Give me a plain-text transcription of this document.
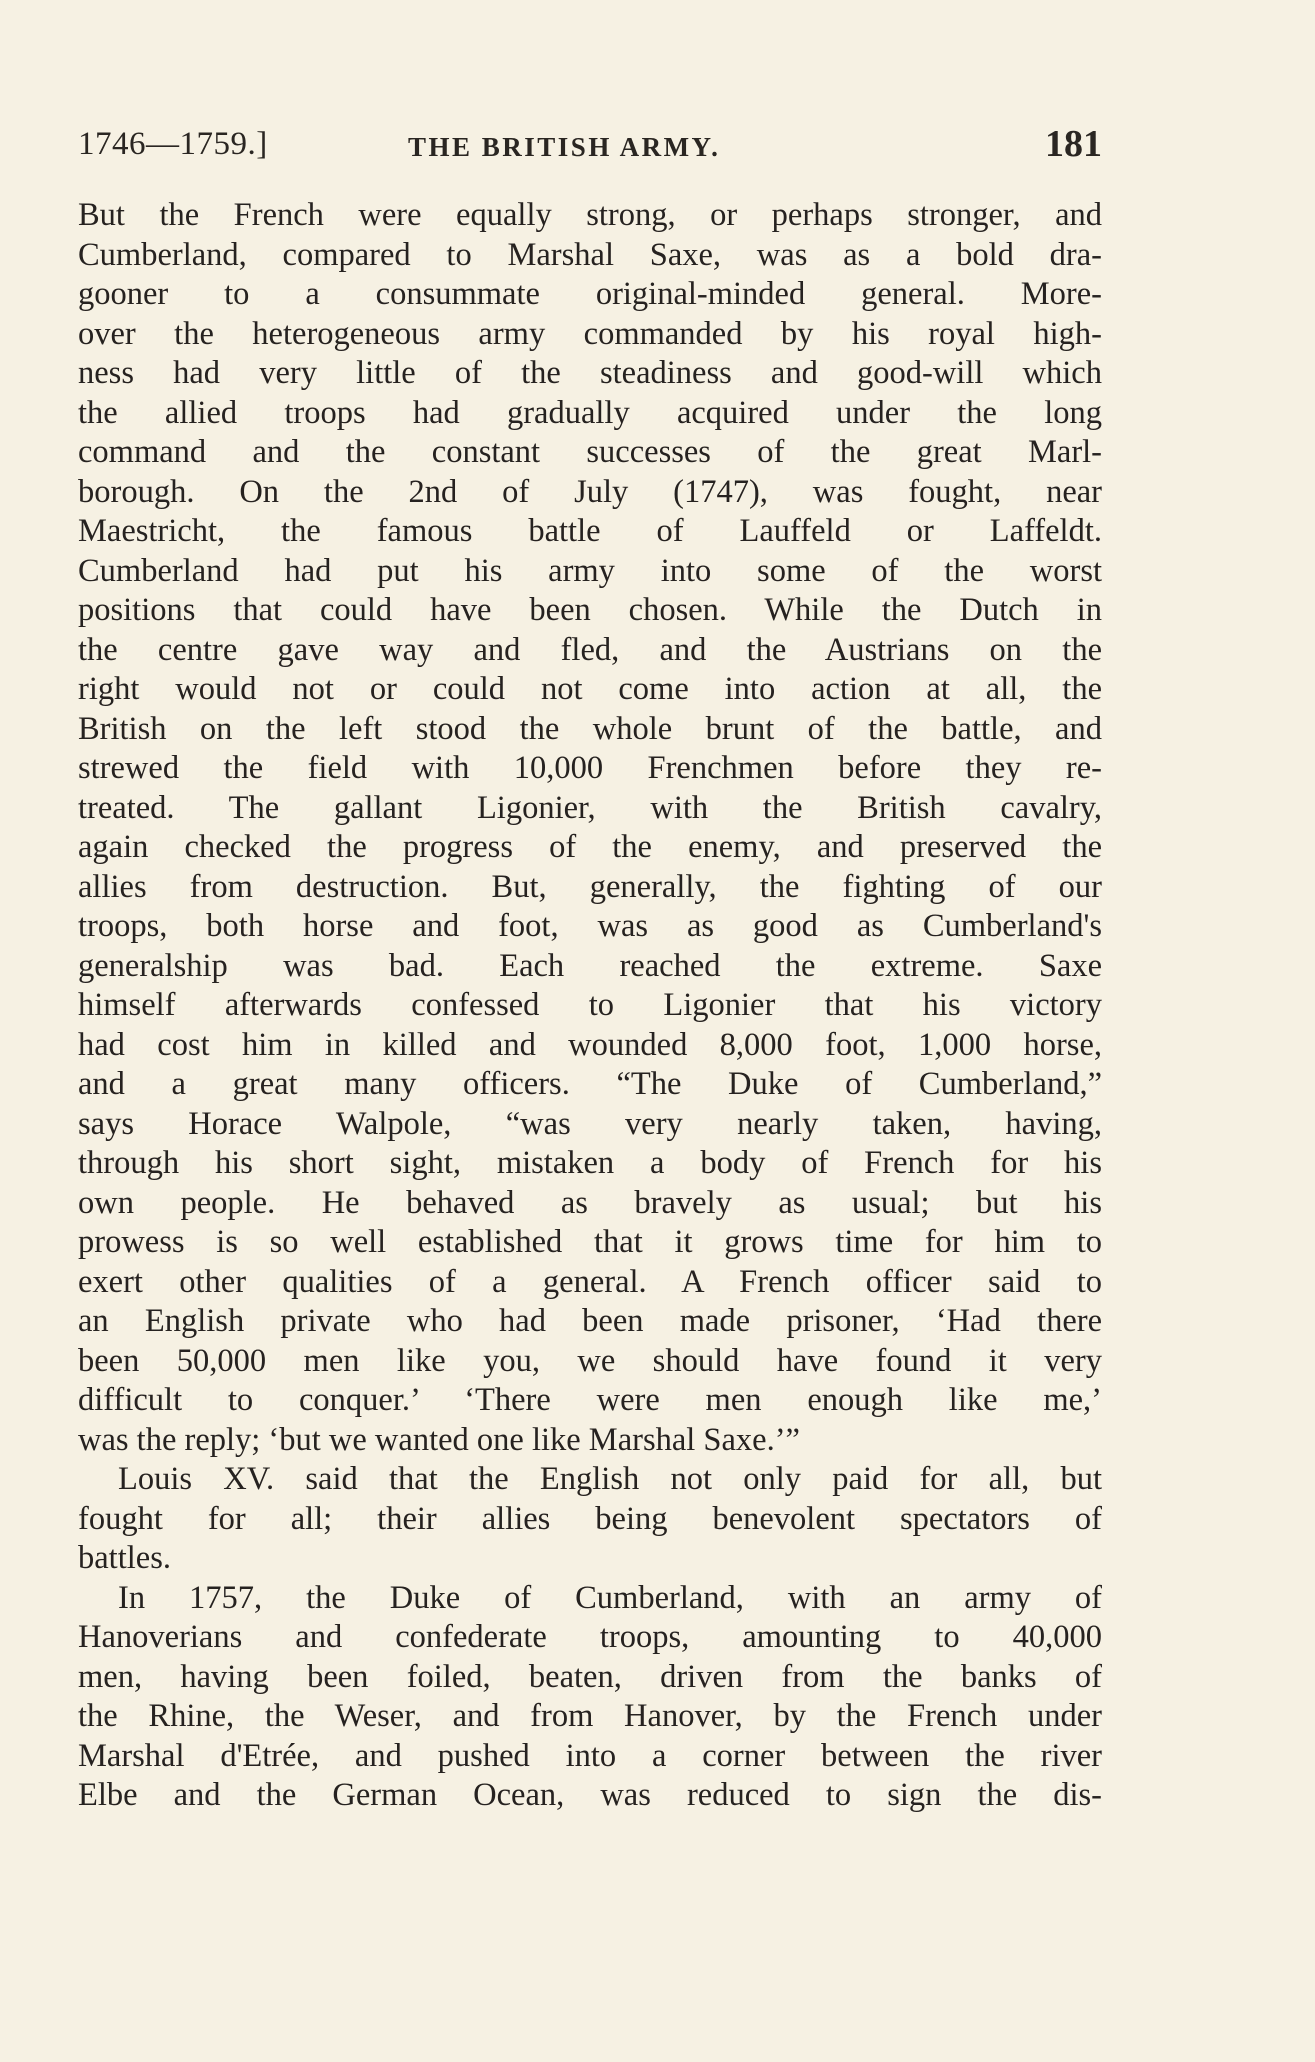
1746—1759.]	THE BRITISH ARMY.	181
But the French were equally strong, or perhaps stronger, and
Cumberland, compared to Marshal Saxe, was as a bold dra-
gooner to a consummate original-minded general. More-
over the heterogeneous army commanded by his royal high-
ness had very little of the steadiness and good-will which
the allied troops had gradually acquired under the long
command and the constant successes of the great Marl-
borough. On the 2nd of July (1747), was fought, near
Maestricht, the famous battle of Lauffeld or Laffeldt.
Cumberland had put his army into some of the worst
positions that could have been chosen. While the Dutch in
the centre gave way and fled, and the Austrians on the
right would not or could not come into action at all, the
British on the left stood the whole brunt of the battle, and
strewed the field with 10,000 Frenchmen before they re-
treated. The gallant Ligonier, with the British cavalry,
again checked the progress of the enemy, and preserved the
allies from destruction. But, generally, the fighting of our
troops, both horse and foot, was as good as Cumberland's
generalship was bad. Each reached the extreme. Saxe
himself afterwards confessed to Ligonier that his victory
had cost him in killed and wounded 8,000 foot, 1,000 horse,
and a great many officers. “The Duke of Cumberland,”
says Horace Walpole, “was very nearly taken, having,
through his short sight, mistaken a body of French for his
own people. He behaved as bravely as usual; but his
prowess is so well established that it grows time for him to
exert other qualities of a general. A French officer said to
an English private who had been made prisoner, ‘Had there
been 50,000 men like you, we should have found it very
difficult to conquer.’ ‘There were men enough like me,’
was the reply; ‘but we wanted one like Marshal Saxe.’”
Louis XV. said that the English not only paid for all, but
fought for all; their allies being benevolent spectators of
battles.
In 1757, the Duke of Cumberland, with an army of
Hanoverians and confederate troops, amounting to 40,000
men, having been foiled, beaten, driven from the banks of
the Rhine, the Weser, and from Hanover, by the French under
Marshal d'Etrée, and pushed into a corner between the river
Elbe and the German Ocean, was reduced to sign the dis-
